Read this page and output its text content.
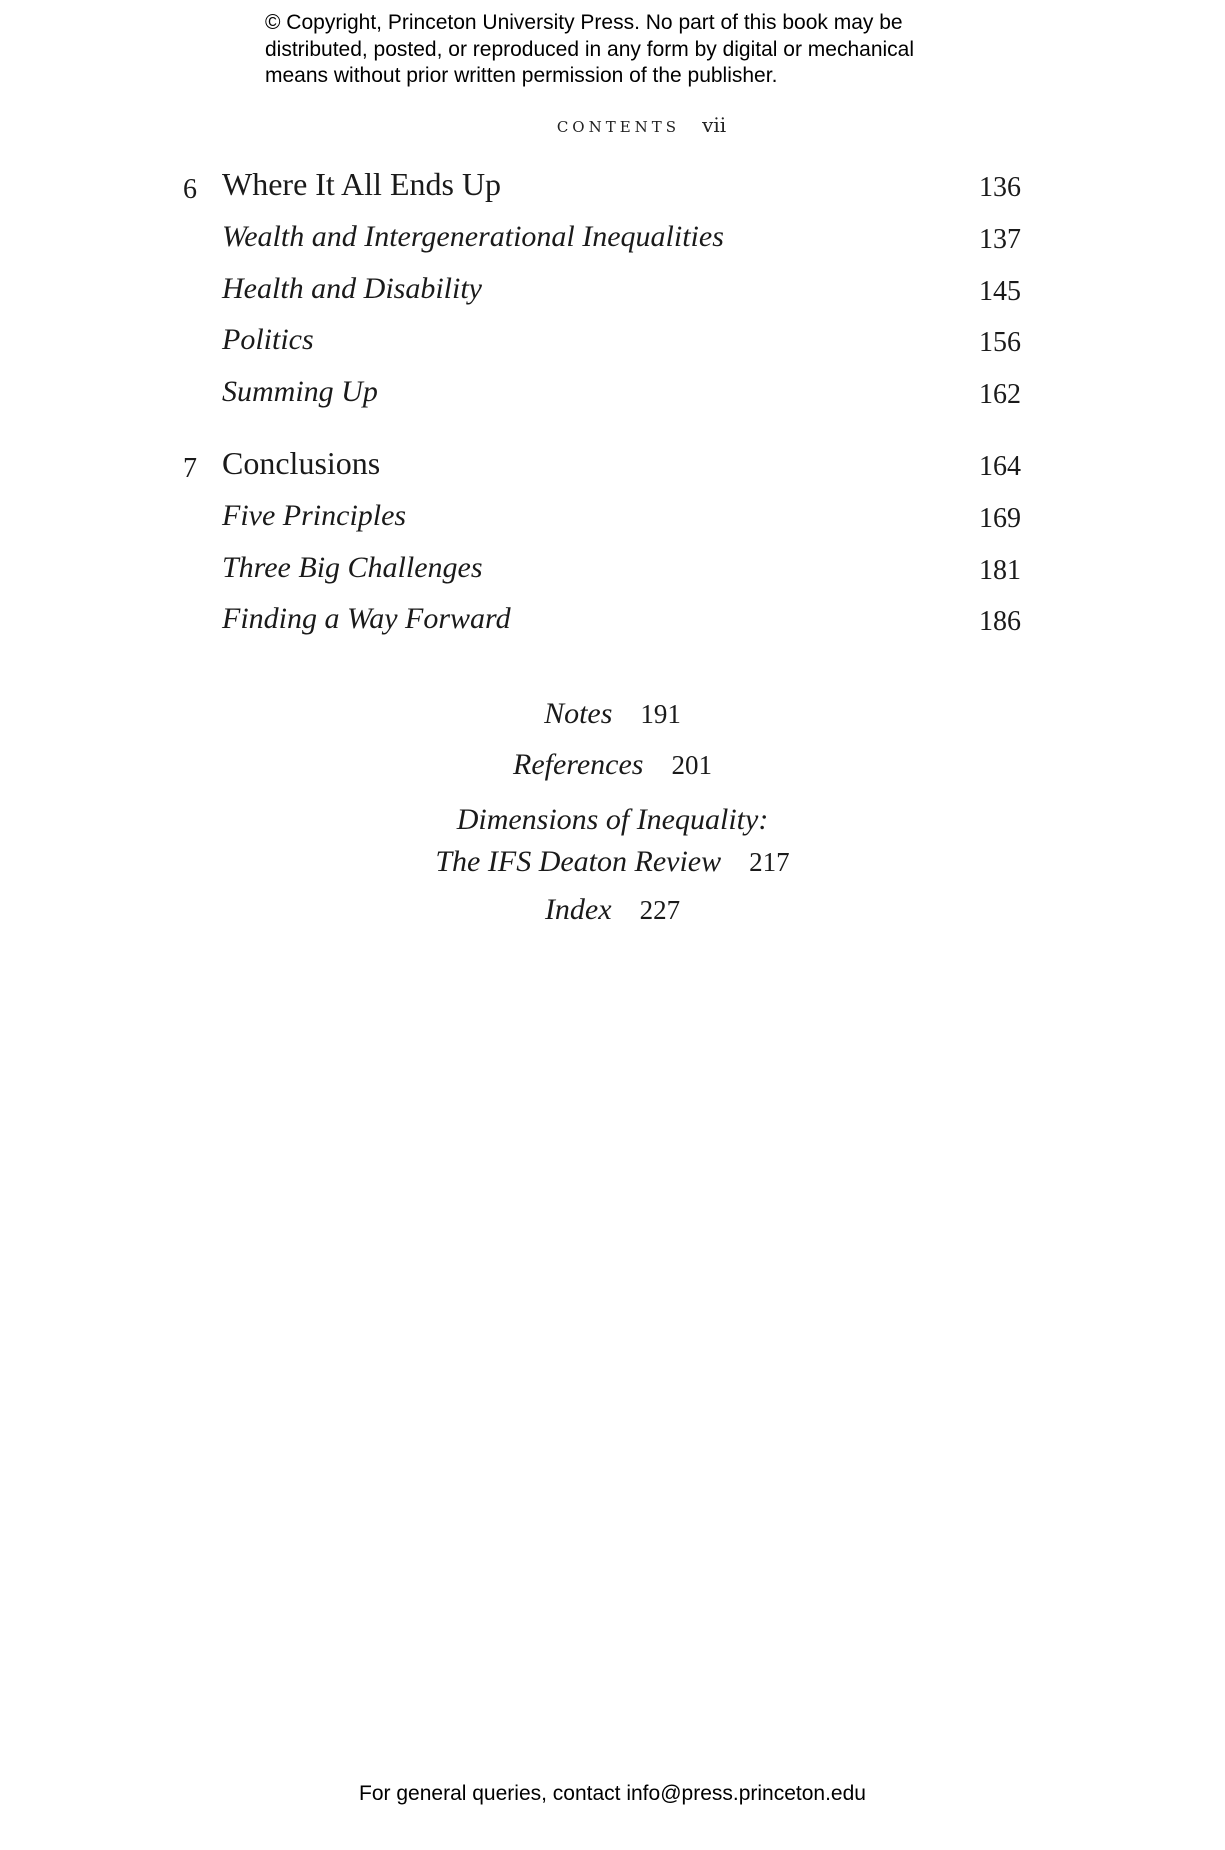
© Copyright, Princeton University Press. No part of this book may be
distributed, posted, or reproduced in any form by digital or mechanical
means without prior written permission of the publisher.
contents vii
6 Where It All Ends Up	136
Wealth and Intergenerational Inequalities	137
Health and Disability	145
Politics	156
Summing Up	162
7 Conclusions	164
Five Principles	169
Three Big Challenges	181
Finding a Way Forward	186
Notes 191
References 201
Dimensions of Inequality:
The IFS Deaton Review 217
Index 227
For general queries, contact info@press.princeton.edu
